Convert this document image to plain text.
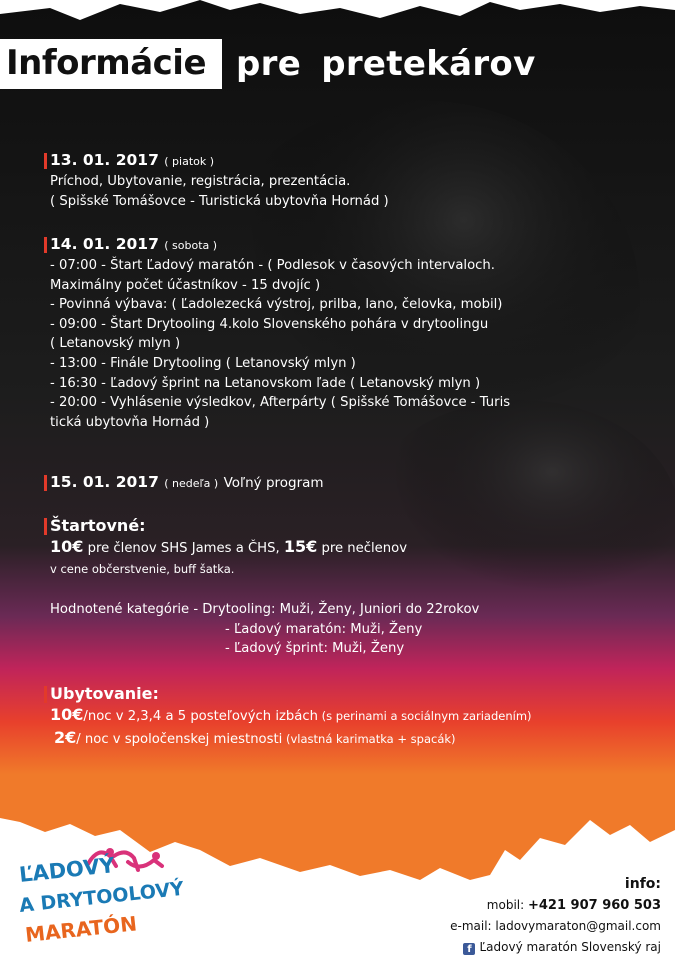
Informácie pre pretekárov
13. 01. 2017 ( piatok )
Príchod, Ubytovanie, registrácia, prezentácia.
( Spišské Tomášovce - Turistická ubytovňa Hornád )
14. 01. 2017 ( sobota )
- 07:00 - Štart Ľadový maratón - ( Podlesok v časových intervaloch.
Maximálny počet účastníkov - 15 dvojíc )
- Povinná výbava: ( Ľadolezecká výstroj, prilba, lano, čelovka, mobil)
- 09:00 - Štart Drytooling 4.kolo Slovenského pohára v drytoolingu
( Letanovský mlyn )
- 13:00 - Finále Drytooling ( Letanovský mlyn )
- 16:30 - Ľadový šprint na Letanovskom ľade ( Letanovský mlyn )
- 20:00 - Vyhlásenie výsledkov, Afterpárty ( Spišské Tomášovce - Turis
tická ubytovňa Hornád )
15. 01. 2017 ( nedeľa ) Voľný program
Štartovné:
10€ pre členov SHS James a ČHS, 15€ pre nečlenov
v cene občerstvenie, buff šatka.
Hodnotené kategórie - Drytooling: Muži, Ženy, Juniori do 22rokov
- Ľadový maratón: Muži, Ženy
- Ľadový šprint: Muži, Ženy
Ubytovanie:
10€/noc v 2,3,4 a 5 posteľových izbách (s perinami a sociálnym zariadením)
2€/ noc v spoločenskej miestnosti (vlastná karimatka + spacák)
ĽADOVÝ
A DRYTOOLOVÝ
MARATÓN
info:
mobil: +421 907 960 503
e-mail: ladovymaraton@gmail.com
f Ľadový maratón Slovenský raj
